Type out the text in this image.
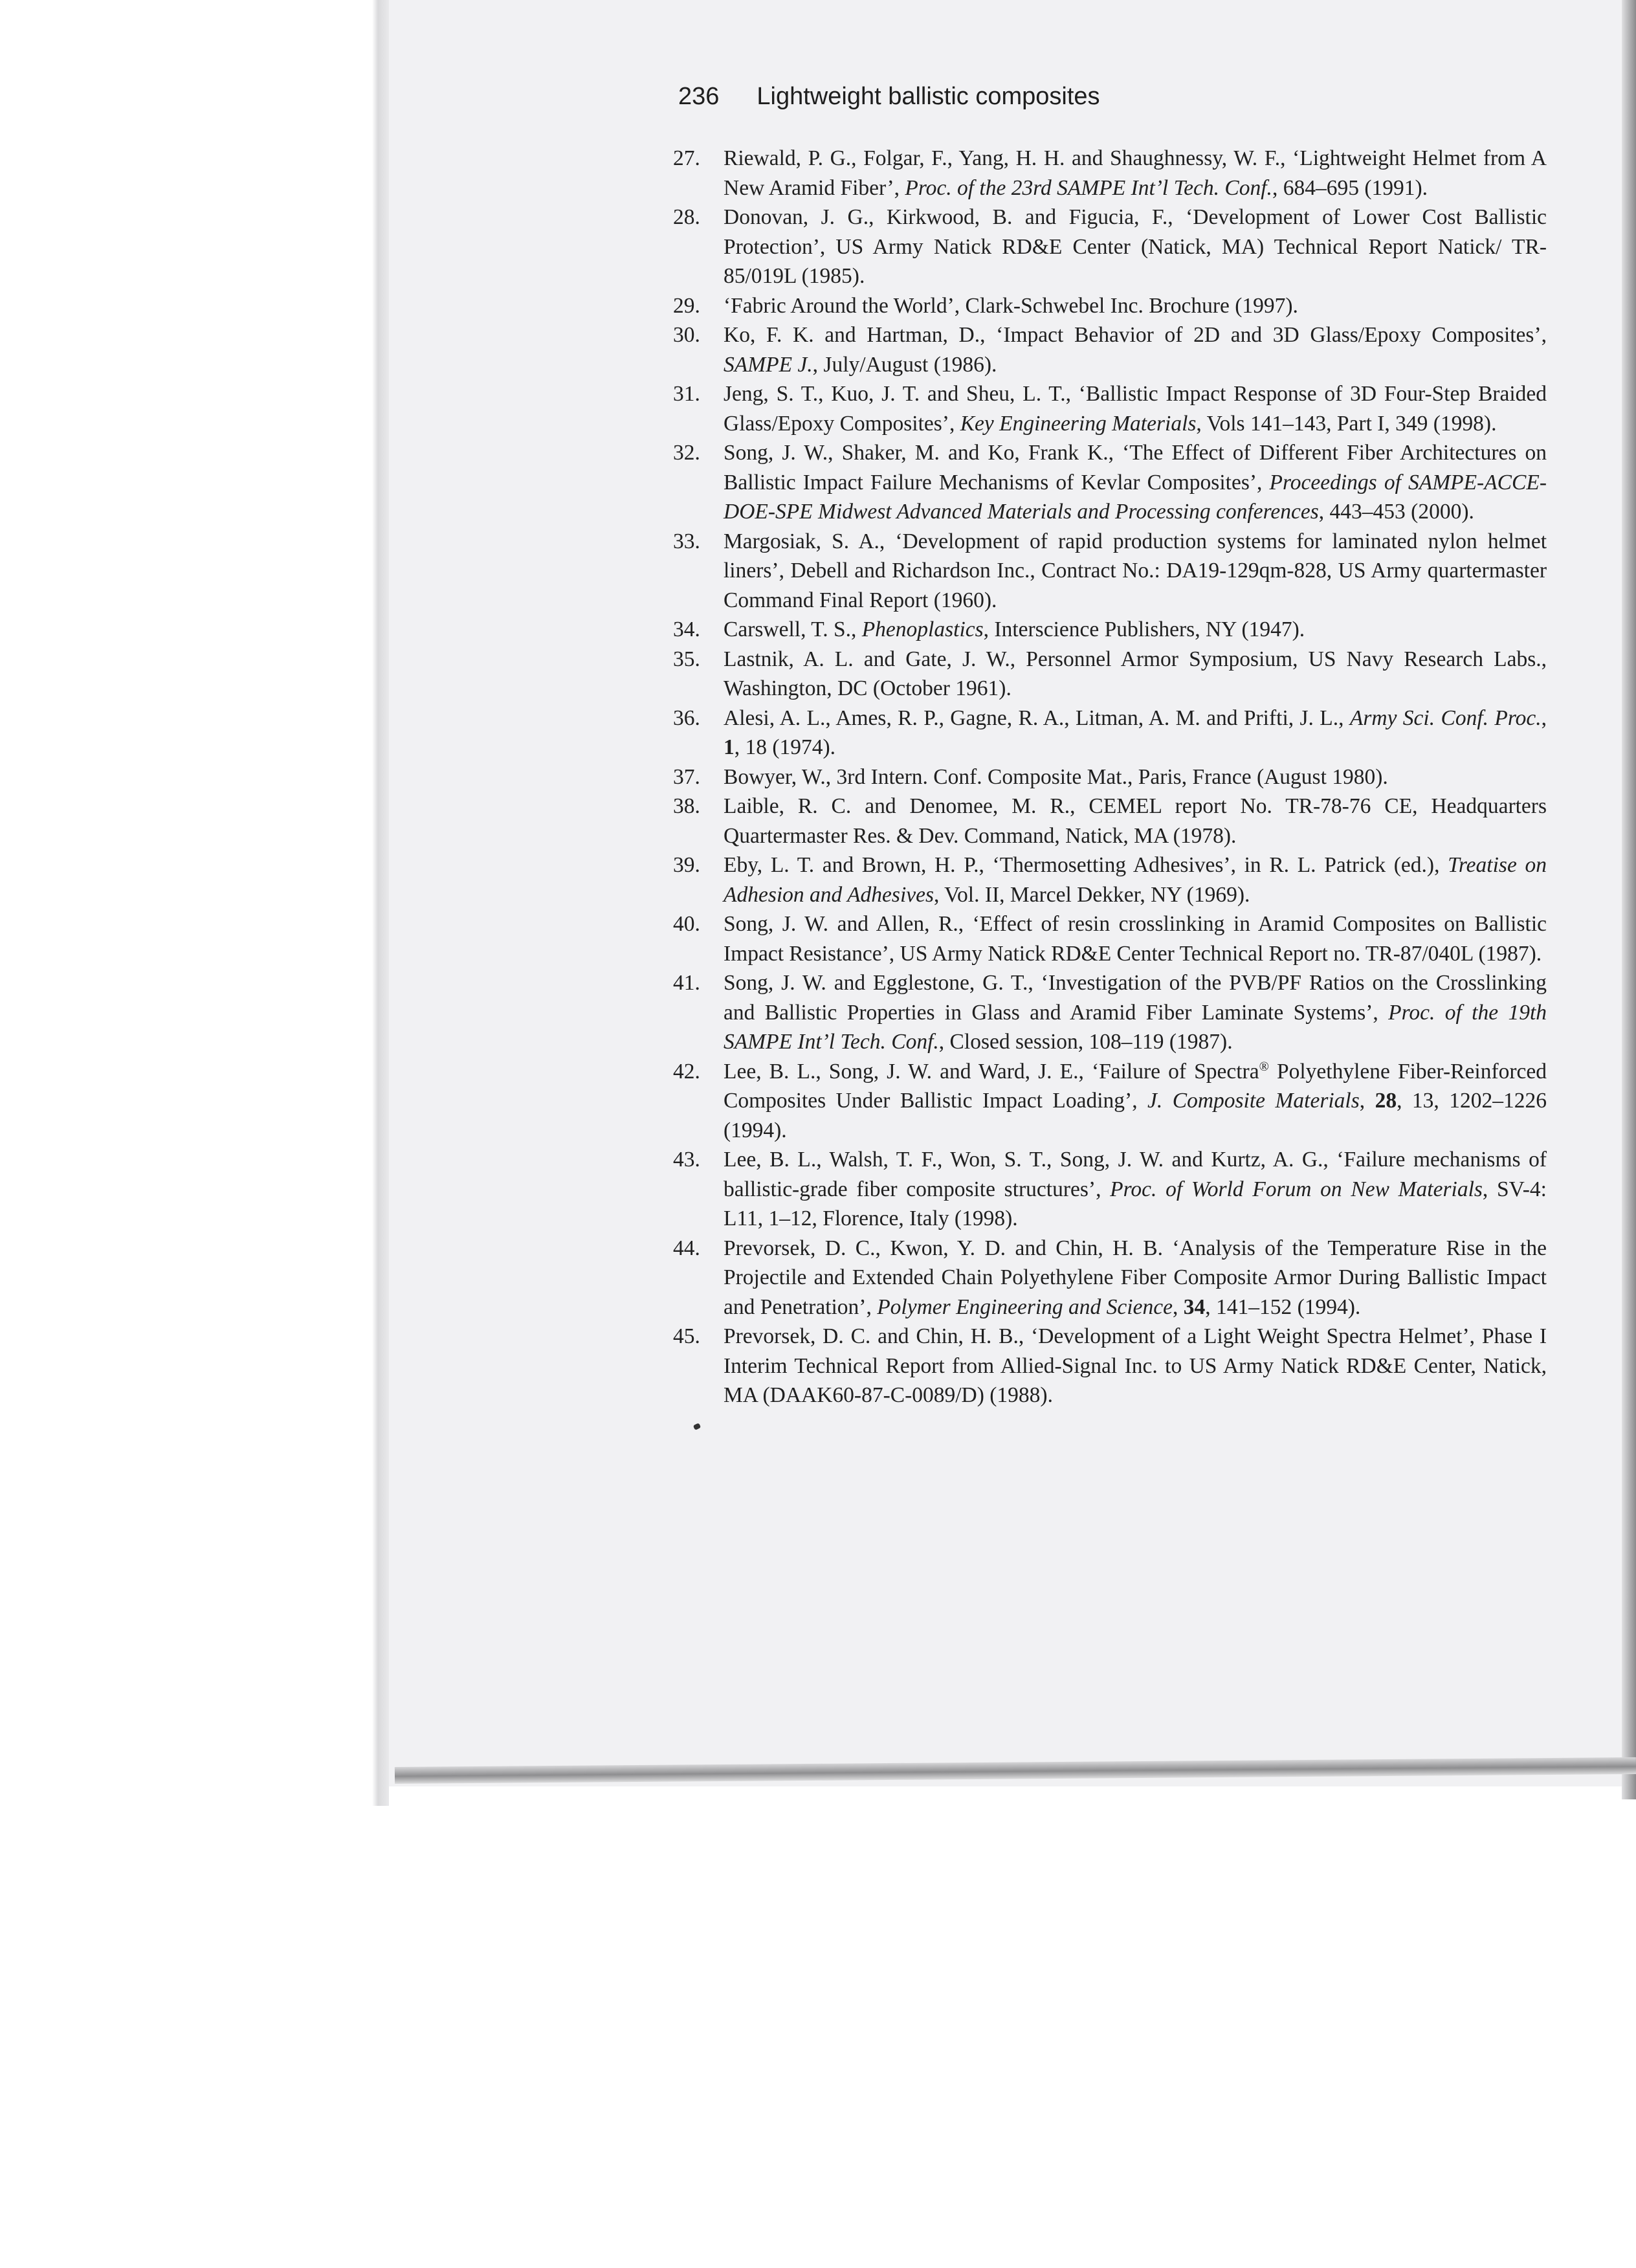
236 Lightweight ballistic composites
27.	Riewald, P. G., Folgar, F., Yang, H. H. and Shaughnessy, W. F., ‘Lightweight Helmet from A New Aramid Fiber’, Proc. of the 23rd SAMPE Int’l Tech. Conf., 684–695 (1991).
28.	Donovan, J. G., Kirkwood, B. and Figucia, F., ‘Development of Lower Cost Ballistic Protection’, US Army Natick RD&E Center (Natick, MA) Technical Report Natick/ TR-85/019L (1985).
29.	‘Fabric Around the World’, Clark-Schwebel Inc. Brochure (1997).
30.	Ko, F. K. and Hartman, D., ‘Impact Behavior of 2D and 3D Glass/Epoxy Composites’, SAMPE J., July/August (1986).
31.	Jeng, S. T., Kuo, J. T. and Sheu, L. T., ‘Ballistic Impact Response of 3D Four-Step Braided Glass/Epoxy Composites’, Key Engineering Materials, Vols 141–143, Part I, 349 (1998).
32.	Song, J. W., Shaker, M. and Ko, Frank K., ‘The Effect of Different Fiber Architectures on Ballistic Impact Failure Mechanisms of Kevlar Composites’, Proceedings of SAMPE-ACCE-DOE-SPE Midwest Advanced Materials and Processing conferences, 443–453 (2000).
33.	Margosiak, S. A., ‘Development of rapid production systems for laminated nylon helmet liners’, Debell and Richardson Inc., Contract No.: DA19-129qm-828, US Army quartermaster Command Final Report (1960).
34.	Carswell, T. S., Phenoplastics, Interscience Publishers, NY (1947).
35.	Lastnik, A. L. and Gate, J. W., Personnel Armor Symposium, US Navy Research Labs., Washington, DC (October 1961).
36.	Alesi, A. L., Ames, R. P., Gagne, R. A., Litman, A. M. and Prifti, J. L., Army Sci. Conf. Proc., 1, 18 (1974).
37.	Bowyer, W., 3rd Intern. Conf. Composite Mat., Paris, France (August 1980).
38.	Laible, R. C. and Denomee, M. R., CEMEL report No. TR-78-76 CE, Headquarters Quartermaster Res. & Dev. Command, Natick, MA (1978).
39.	Eby, L. T. and Brown, H. P., ‘Thermosetting Adhesives’, in R. L. Patrick (ed.), Treatise on Adhesion and Adhesives, Vol. II, Marcel Dekker, NY (1969).
40.	Song, J. W. and Allen, R., ‘Effect of resin crosslinking in Aramid Composites on Ballistic Impact Resistance’, US Army Natick RD&E Center Technical Report no. TR-87/040L (1987).
41.	Song, J. W. and Egglestone, G. T., ‘Investigation of the PVB/PF Ratios on the Crosslinking and Ballistic Properties in Glass and Aramid Fiber Laminate Systems’, Proc. of the 19th SAMPE Int’l Tech. Conf., Closed session, 108–119 (1987).
42.	Lee, B. L., Song, J. W. and Ward, J. E., ‘Failure of Spectra® Polyethylene Fiber-Reinforced Composites Under Ballistic Impact Loading’, J. Composite Materials, 28, 13, 1202–1226 (1994).
43.	Lee, B. L., Walsh, T. F., Won, S. T., Song, J. W. and Kurtz, A. G., ‘Failure mechanisms of ballistic-grade fiber composite structures’, Proc. of World Forum on New Materials, SV-4: L11, 1–12, Florence, Italy (1998).
44.	Prevorsek, D. C., Kwon, Y. D. and Chin, H. B. ‘Analysis of the Temperature Rise in the Projectile and Extended Chain Polyethylene Fiber Composite Armor During Ballistic Impact and Penetration’, Polymer Engineering and Science, 34, 141–152 (1994).
45.	Prevorsek, D. C. and Chin, H. B., ‘Development of a Light Weight Spectra Helmet’, Phase I Interim Technical Report from Allied-Signal Inc. to US Army Natick RD&E Center, Natick, MA (DAAK60-87-C-0089/D) (1988).
